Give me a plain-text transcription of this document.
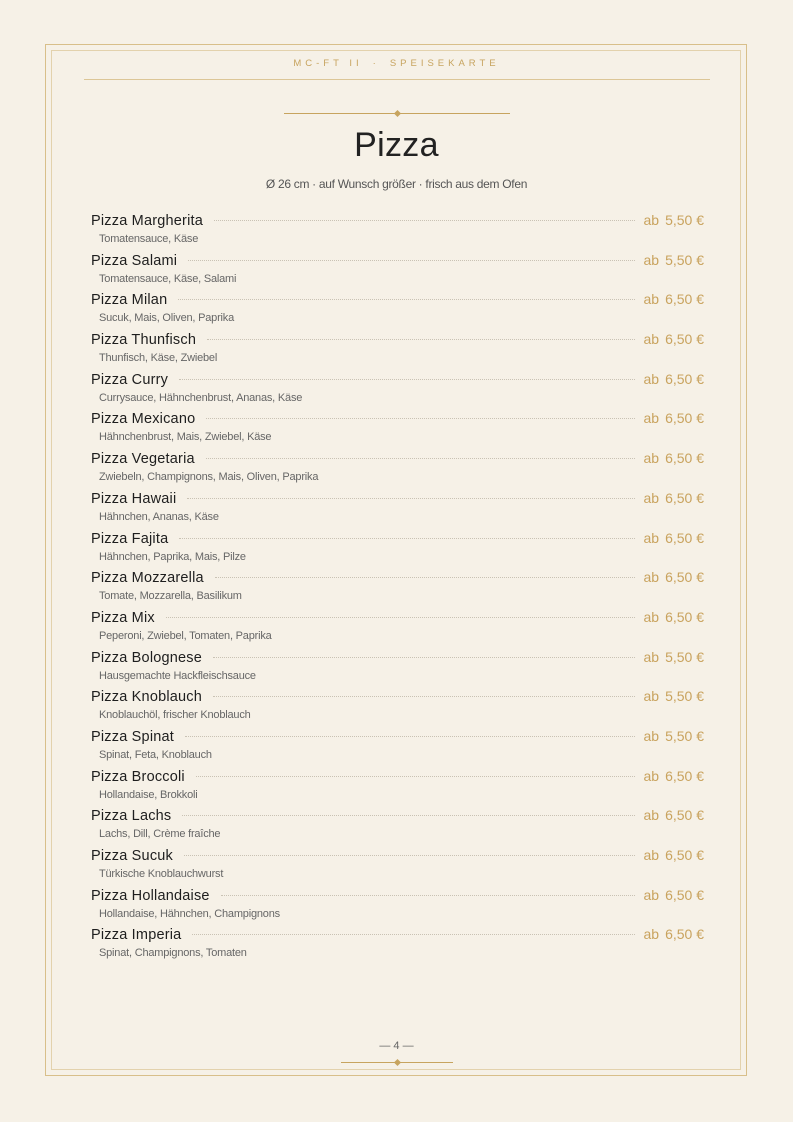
MC-FT II · SPEISEKARTE
Pizza
Ø 26 cm · auf Wunsch größer · frisch aus dem Ofen
Pizza Margherita	ab 5,50 €
Tomatensauce, Käse
Pizza Salami	ab 5,50 €
Tomatensauce, Käse, Salami
Pizza Milan	ab 6,50 €
Sucuk, Mais, Oliven, Paprika
Pizza Thunfisch	ab 6,50 €
Thunfisch, Käse, Zwiebel
Pizza Curry	ab 6,50 €
Currysauce, Hähnchenbrust, Ananas, Käse
Pizza Mexicano	ab 6,50 €
Hähnchenbrust, Mais, Zwiebel, Käse
Pizza Vegetaria	ab 6,50 €
Zwiebeln, Champignons, Mais, Oliven, Paprika
Pizza Hawaii	ab 6,50 €
Hähnchen, Ananas, Käse
Pizza Fajita	ab 6,50 €
Hähnchen, Paprika, Mais, Pilze
Pizza Mozzarella	ab 6,50 €
Tomate, Mozzarella, Basilikum
Pizza Mix	ab 6,50 €
Peperoni, Zwiebel, Tomaten, Paprika
Pizza Bolognese	ab 5,50 €
Hausgemachte Hackfleischsauce
Pizza Knoblauch	ab 5,50 €
Knoblauchöl, frischer Knoblauch
Pizza Spinat	ab 5,50 €
Spinat, Feta, Knoblauch
Pizza Broccoli	ab 6,50 €
Hollandaise, Brokkoli
Pizza Lachs	ab 6,50 €
Lachs, Dill, Crème fraîche
Pizza Sucuk	ab 6,50 €
Türkische Knoblauchwurst
Pizza Hollandaise	ab 6,50 €
Hollandaise, Hähnchen, Champignons
Pizza Imperia	ab 6,50 €
Spinat, Champignons, Tomaten
— 4 —
